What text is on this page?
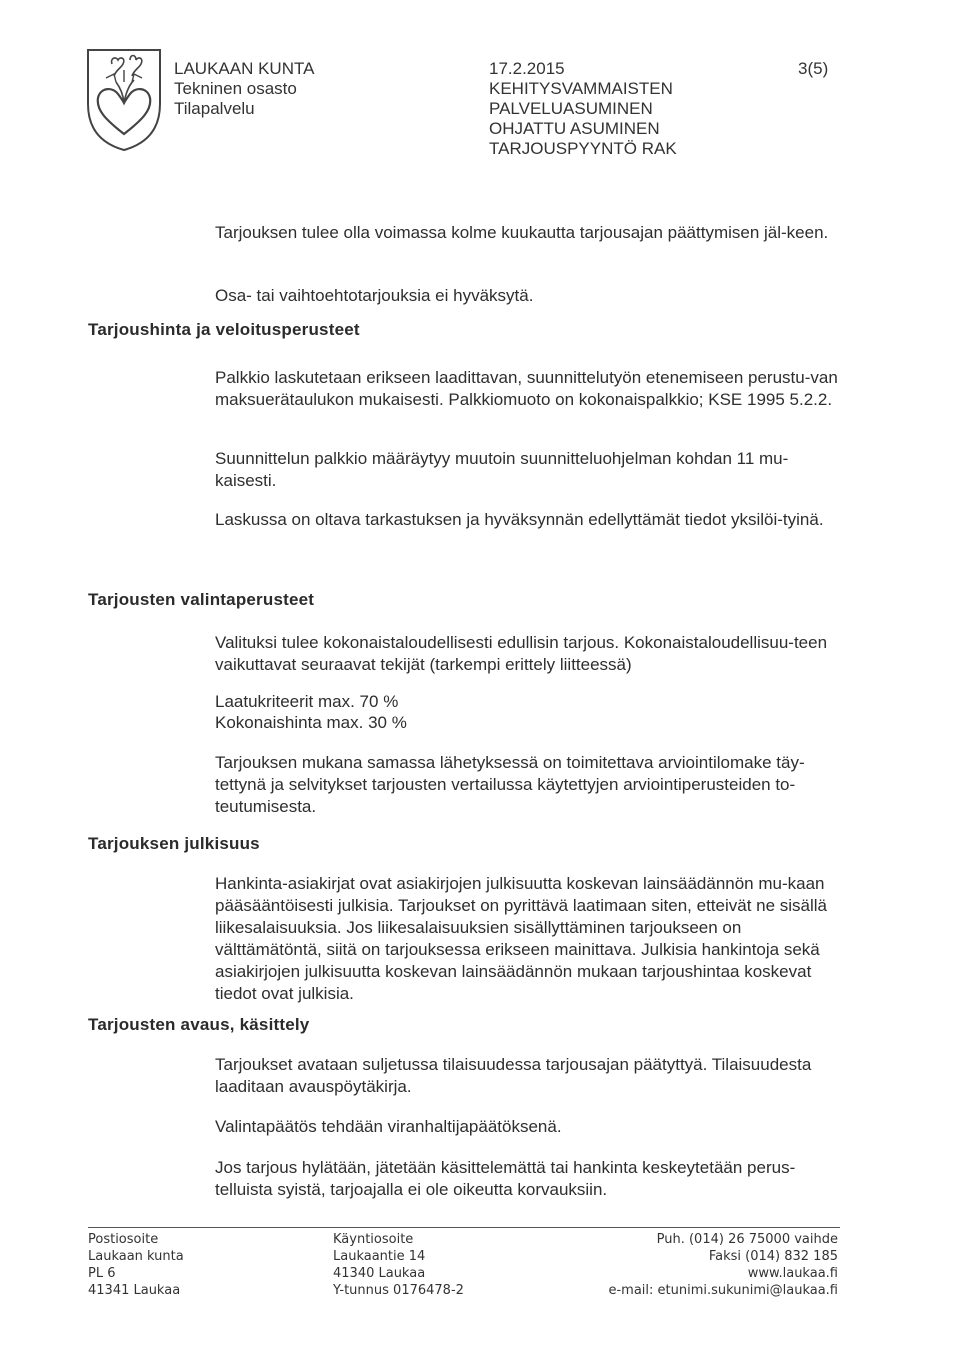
LAUKAAN KUNTA
Tekninen osasto
Tilapalvelu
17.2.2015
KEHITYSVAMMAISTEN
PALVELUASUMINEN
OHJATTU ASUMINEN
TARJOUSPYYNTÖ RAK
3(5)
Tarjouksen tulee olla voimassa kolme kuukautta tarjousajan päättymisen jäl-keen.
Osa- tai vaihtoehtotarjouksia ei hyväksytä.
Tarjoushinta ja veloitusperusteet
Palkkio laskutetaan erikseen laadittavan, suunnittelutyön etenemiseen perustu-van maksuerätaulukon mukaisesti. Palkkiomuoto on kokonaispalkkio; KSE 1995 5.2.2.
Suunnittelun palkkio määräytyy muutoin suunnitteluohjelman kohdan 11 mu-kaisesti.
Laskussa on oltava tarkastuksen ja hyväksynnän edellyttämät tiedot yksilöi-tyinä.
Tarjousten valintaperusteet
Valituksi tulee kokonaistaloudellisesti edullisin tarjous. Kokonaistaloudellisuu-teen vaikuttavat seuraavat tekijät (tarkempi erittely liitteessä)
Laatukriteerit max. 70 %
Kokonaishinta max. 30 %
Tarjouksen mukana samassa lähetyksessä on toimitettava arviointilomake täy-tettynä ja selvitykset tarjousten vertailussa käytettyjen arviointiperusteiden to-teutumisesta.
Tarjouksen julkisuus
Hankinta-asiakirjat ovat asiakirjojen julkisuutta koskevan lainsäädännön mu-kaan pääsääntöisesti julkisia. Tarjoukset on pyrittävä laatimaan siten, etteivät ne sisällä liikesalaisuuksia. Jos liikesalaisuuksien sisällyttäminen tarjoukseen on välttämätöntä, siitä on tarjouksessa erikseen mainittava. Julkisia hankintoja sekä asiakirjojen julkisuutta koskevan lainsäädännön mukaan tarjoushintaa koskevat tiedot ovat julkisia.
Tarjousten avaus, käsittely
Tarjoukset avataan suljetussa tilaisuudessa tarjousajan päätyttyä. Tilaisuudesta laaditaan avauspöytäkirja.
Valintapäätös tehdään viranhaltijapäätöksenä.
Jos tarjous hylätään, jätetään käsittelemättä tai hankinta keskeytetään perus-telluista syistä, tarjoajalla ei ole oikeutta korvauksiin.
Postiosoite
Laukaan kunta
PL 6
41341 Laukaa
Käyntiosoite
Laukaantie 14
41340 Laukaa
Y-tunnus 0176478-2
Puh. (014) 26 75000 vaihde
Faksi (014) 832 185
www.laukaa.fi
e-mail: etunimi.sukunimi@laukaa.fi
